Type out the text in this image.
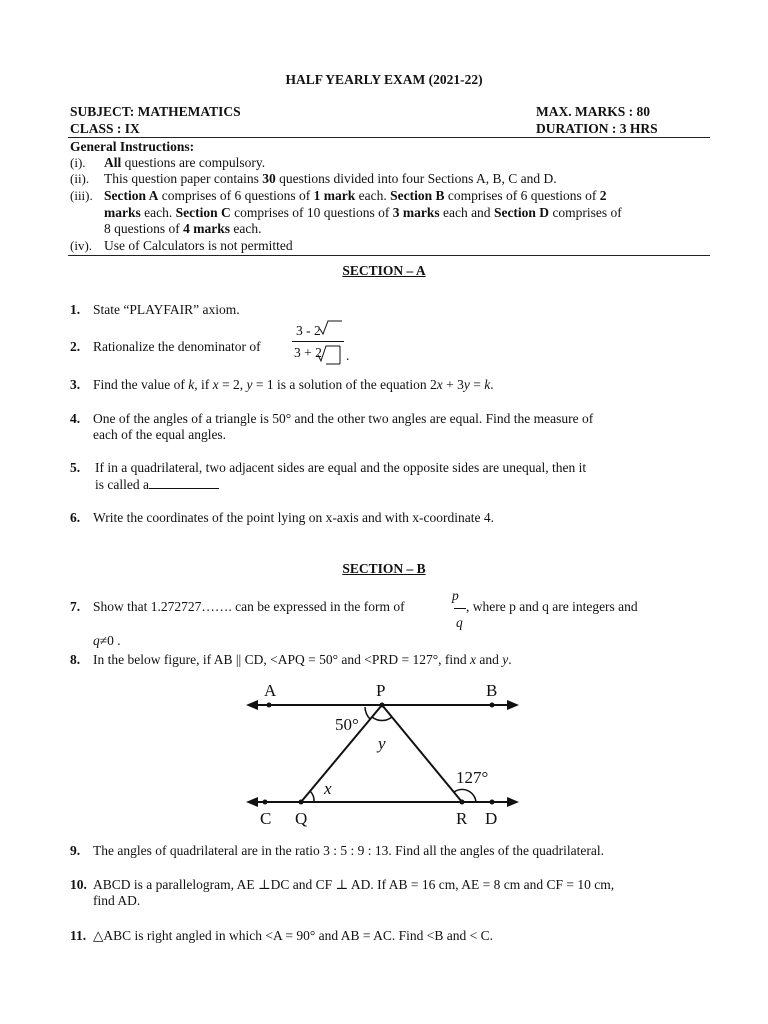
HALF YEARLY EXAM (2021-22)
SUBJECT: MATHEMATICS	MAX. MARKS : 80
CLASS : IX	DURATION : 3 HRS
General Instructions:
(i). All questions are compulsory.
(ii). This question paper contains 30 questions divided into four Sections A, B, C and D.
(iii). Section A comprises of 6 questions of 1 mark each. Section B comprises of 6 questions of 2
marks each. Section C comprises of 10 questions of 3 marks each and Section D comprises of
8 questions of 4 marks each.
(iv). Use of Calculators is not permitted
SECTION – A
1. State “PLAYFAIR” axiom.
2. Rationalize the denominator of
3 - 2
3 + 2 .
3. Find the value of k, if x = 2, y = 1 is a solution of the equation 2x + 3y = k.
4. One of the angles of a triangle is 50° and the other two angles are equal. Find the measure of
each of the equal angles.
5. If in a quadrilateral, two adjacent sides are equal and the opposite sides are unequal, then it
is called a
6. Write the coordinates of the point lying on x-axis and with x-coordinate 4.
SECTION – B
7. Show that 1.272727……. can be expressed in the form of
p
q
, where p and q are integers and
q≠0 .
8. In the below figure, if AB || CD, <APQ = 50° and <PRD = 127°, find x and y.
A	P	B
C Q	R D
50°
y
127°
x
9. The angles of quadrilateral are in the ratio 3 : 5 : 9 : 13. Find all the angles of the quadrilateral.
10. ABCD is a parallelogram, AE ⊥DC and CF ⊥ AD. If AB = 16 cm, AE = 8 cm and CF = 10 cm,
find AD.
11. △ABC is right angled in which <A = 90° and AB = AC. Find <B and < C.
